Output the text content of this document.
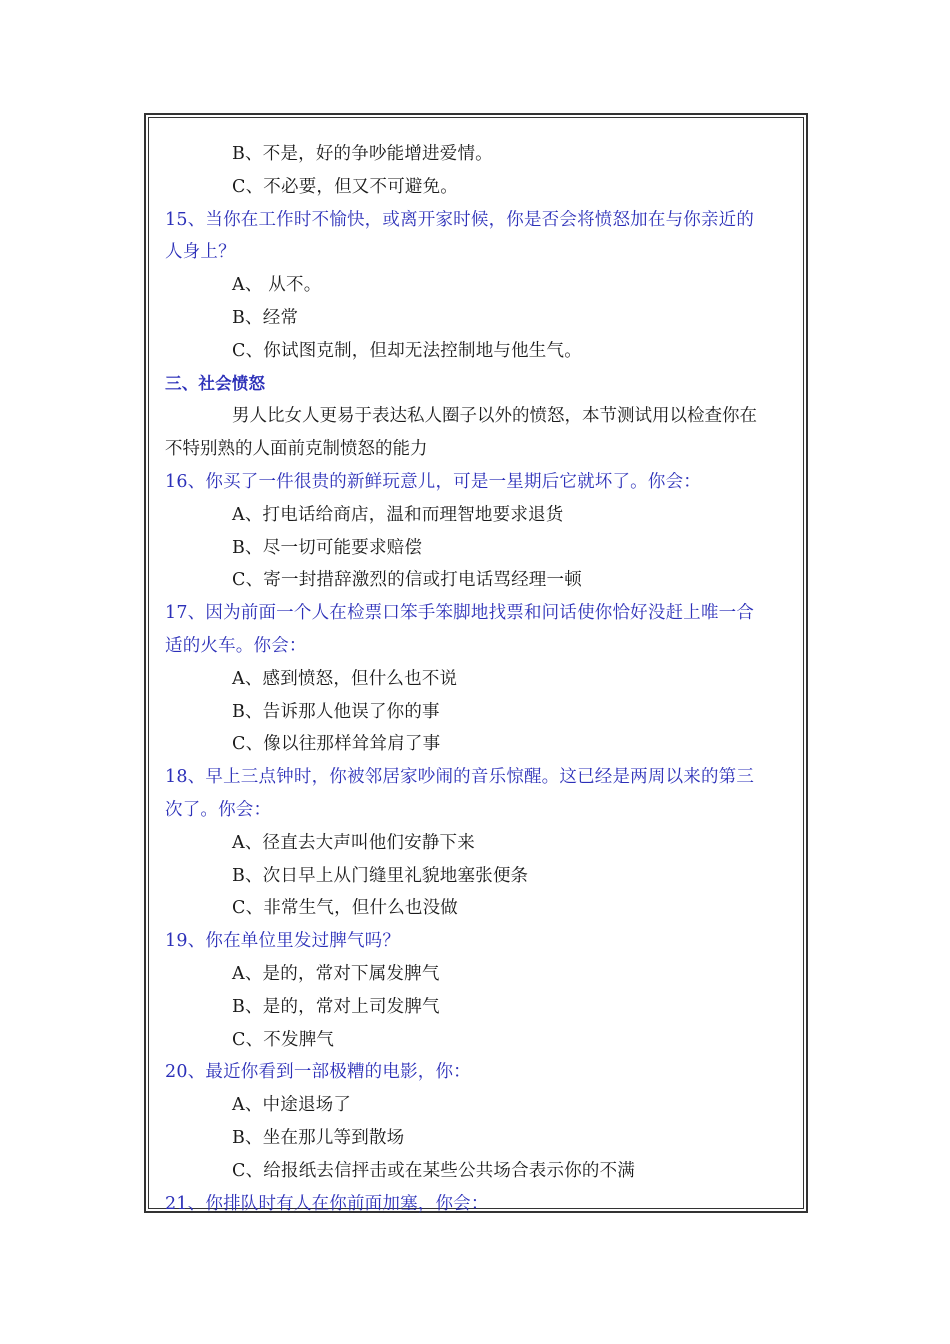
B、不是，好的争吵能增进爱情。
C、不必要，但又不可避免。
15、当你在工作时不愉快，或离开家时候，你是否会将愤怒加在与你亲近的
人身上？
A、 从不。
B、经常
C、你试图克制，但却无法控制地与他生气。
三、社会愤怒
男人比女人更易于表达私人圈子以外的愤怒，本节测试用以检查你在
不特别熟的人面前克制愤怒的能力
16、你买了一件很贵的新鲜玩意儿，可是一星期后它就坏了。你会：
A、打电话给商店，温和而理智地要求退货
B、尽一切可能要求赔偿
C、寄一封措辞激烈的信或打电话骂经理一顿
17、因为前面一个人在检票口笨手笨脚地找票和问话使你恰好没赶上唯一合
适的火车。你会：
A、感到愤怒，但什么也不说
B、告诉那人他误了你的事
C、像以往那样耸耸肩了事
18、早上三点钟时，你被邻居家吵闹的音乐惊醒。这已经是两周以来的第三
次了。你会：
A、径直去大声叫他们安静下来
B、次日早上从门缝里礼貌地塞张便条
C、非常生气，但什么也没做
19、你在单位里发过脾气吗？
A、是的，常对下属发脾气
B、是的，常对上司发脾气
C、不发脾气
20、最近你看到一部极糟的电影，你：
A、中途退场了
B、坐在那儿等到散场
C、给报纸去信抨击或在某些公共场合表示你的不满
21、你排队时有人在你前面加塞，你会：
